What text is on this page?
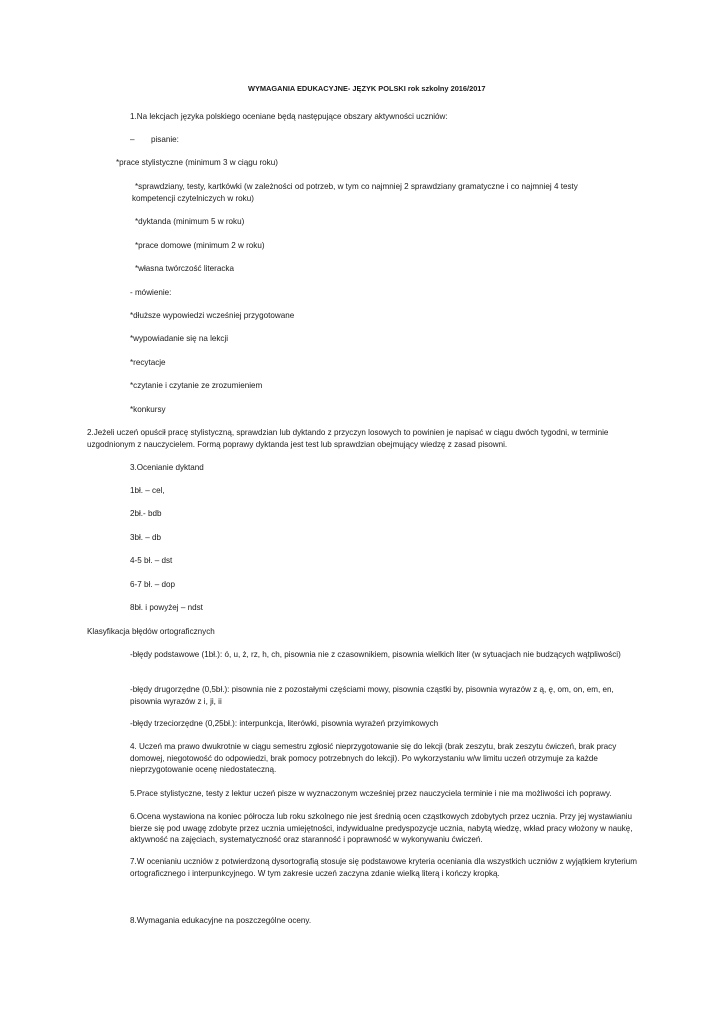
WYMAGANIA EDUKACYJNE- JĘZYK POLSKI rok szkolny 2016/2017
1.Na lekcjach języka polskiego oceniane będą następujące obszary aktywności uczniów:
– pisanie:
*prace stylistyczne (minimum 3 w ciągu roku)
*sprawdziany, testy, kartkówki (w zależności od potrzeb, w tym co najmniej 2 sprawdziany gramatyczne i co najmniej 4 testy kompetencji czytelniczych w roku)
*dyktanda (minimum 5 w roku)
*prace domowe (minimum 2 w roku)
*własna twórczość literacka
- mówienie:
*dłuższe wypowiedzi wcześniej przygotowane
*wypowiadanie się na lekcji
*recytacje
*czytanie i czytanie ze zrozumieniem
*konkursy
2.Jeżeli uczeń opuścił pracę stylistyczną, sprawdzian lub dyktando z przyczyn losowych to powinien je napisać w ciągu dwóch tygodni, w terminie uzgodnionym z nauczycielem. Formą poprawy dyktanda jest test lub sprawdzian obejmujący wiedzę z zasad pisowni.
3.Ocenianie dyktand
1bł. – cel,
2bł.- bdb
3bł. – db
4-5 bł. – dst
6-7 bł. – dop
8bł. i powyżej – ndst
Klasyfikacja błędów ortograficznych
-błędy podstawowe (1bł.): ó, u, ż, rz, h, ch, pisownia nie z czasownikiem, pisownia wielkich liter (w sytuacjach nie budzących wątpliwości)
-błędy drugorzędne (0,5bł.): pisownia nie z pozostałymi częściami mowy, pisownia cząstki by, pisownia wyrazów z ą, ę, om, on, em, en, pisownia wyrazów z i, ji, ii
-błędy trzeciorzędne (0,25bł.): interpunkcja, literówki, pisownia wyrażeń przyimkowych
4. Uczeń ma prawo dwukrotnie w ciągu semestru zgłosić nieprzygotowanie się do lekcji (brak zeszytu, brak zeszytu ćwiczeń, brak pracy domowej, niegotowość do odpowiedzi, brak pomocy potrzebnych do lekcji). Po wykorzystaniu w/w limitu uczeń otrzymuje za każde nieprzygotowanie ocenę niedostateczną.
5.Prace stylistyczne, testy z lektur uczeń pisze w wyznaczonym wcześniej przez nauczyciela terminie i nie ma możliwości ich poprawy.
6.Ocena wystawiona na koniec półrocza lub roku szkolnego nie jest średnią ocen cząstkowych zdobytych przez ucznia. Przy jej wystawianiu bierze się pod uwagę zdobyte przez ucznia umiejętności, indywidualne predyspozycje ucznia, nabytą wiedzę, wkład pracy włożony w naukę, aktywność na zajęciach, systematyczność oraz staranność i poprawność w wykonywaniu ćwiczeń.
7.W ocenianiu uczniów z potwierdzoną dysortografią stosuje się podstawowe kryteria oceniania dla wszystkich uczniów z wyjątkiem kryterium ortograficznego i interpunkcyjnego. W tym zakresie uczeń zaczyna zdanie wielką literą i kończy kropką.
8.Wymagania edukacyjne na poszczególne oceny.
